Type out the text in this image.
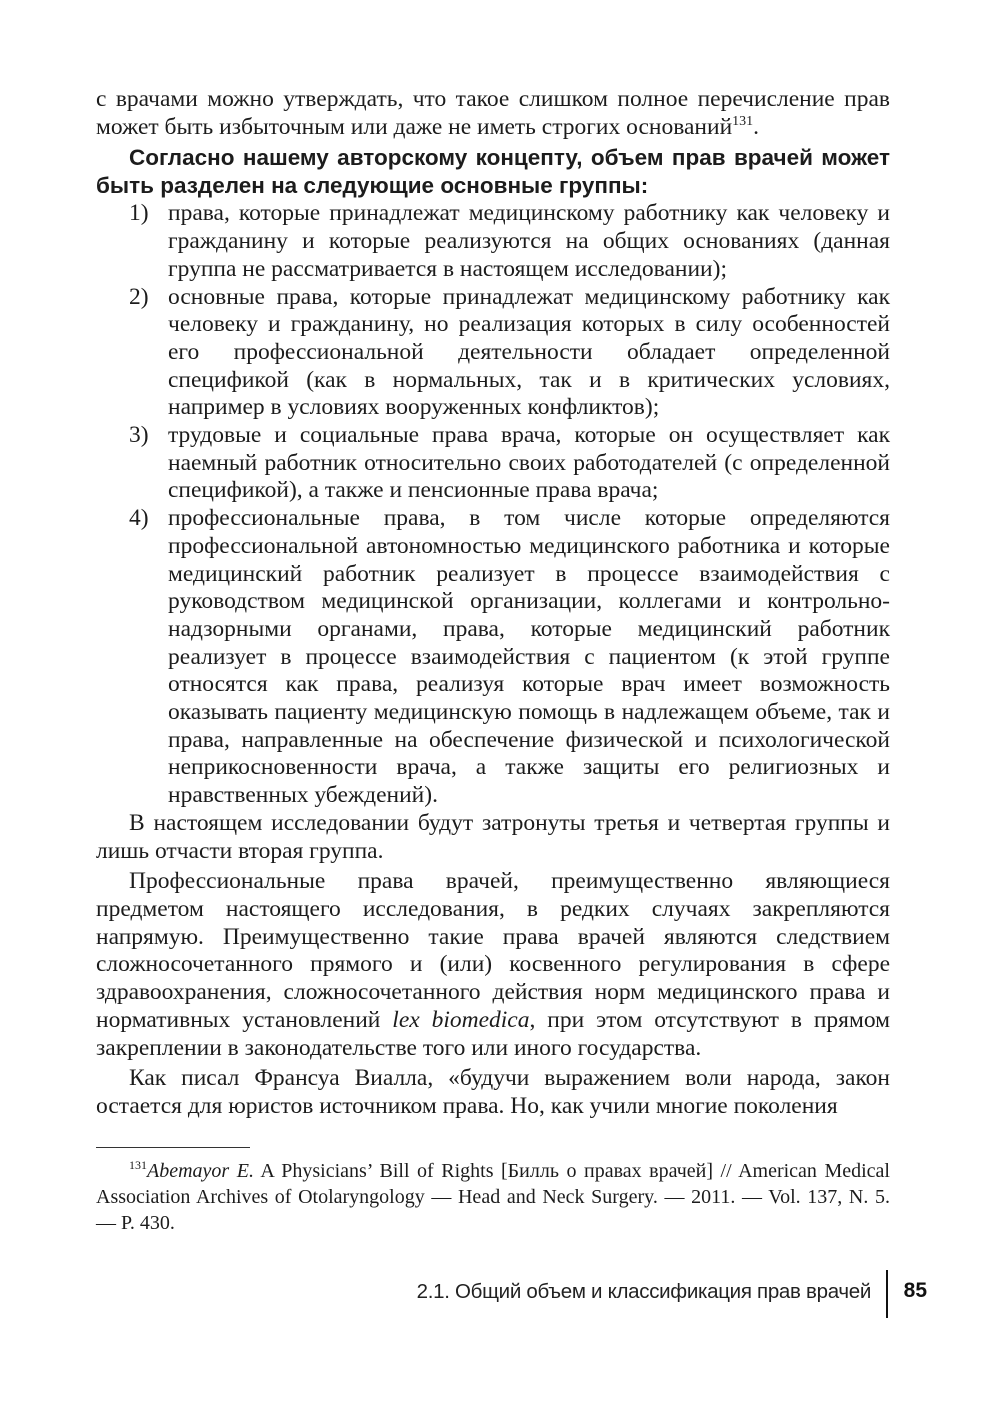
с врачами можно утверждать, что такое слишком полное перечисление прав может быть избыточным или даже не иметь строгих оснований$^{131}$.

Согласно нашему авторскому концепту, объем прав врачей может быть разделен на следующие основные группы:

1) права, которые принадлежат медицинскому работнику как человеку и гражданину и которые реализуются на общих основаниях (данная группа не рассматривается в настоящем исследовании);
2) основные права, которые принадлежат медицинскому работнику как человеку и гражданину, но реализация которых в силу особенностей его профессиональной деятельности обладает определенной спецификой (как в нормальных, так и в критических условиях, например в условиях вооруженных конфликтов);
3) трудовые и социальные права врача, которые он осуществляет как наемный работник относительно своих работодателей (с определенной спецификой), а также и пенсионные права врача;
4) профессиональные права, в том числе которые определяются профессиональной автономностью медицинского работника и которые медицинский работник реализует в процессе взаимодействия с руководством медицинской организации, коллегами и контрольно-надзорными органами, права, которые медицинский работник реализует в процессе взаимодействия с пациентом (к этой группе относятся как права, реализуя которые врач имеет возможность оказывать пациенту медицинскую помощь в надлежащем объеме, так и права, направленные на обеспечение физической и психологической неприкосновенности врача, а также защиты его религиозных и нравственных убеждений).

В настоящем исследовании будут затронуты третья и четвертая группы и лишь отчасти вторая группа.

Профессиональные права врачей, преимущественно являющиеся предметом настоящего исследования, в редких случаях закрепляются напрямую. Преимущественно такие права врачей являются следствием сложносочетанного прямого и (или) косвенного регулирования в сфере здравоохранения, сложносочетанного действия норм медицинского права и нормативных установлений lex biomedica, при этом отсутствуют в прямом закреплении в законодательстве того или иного государства.

Как писал Франсуа Виалла, «будучи выражением воли народа, закон остается для юристов источником права. Но, как учили многие поколения

$^{131}$Abemayor E. A Physicians’ Bill of Rights [Билль о правах врачей] // American Medical Association Archives of Otolaryngology — Head and Neck Surgery. — 2011. — Vol. 137, N. 5. — P. 430.

2.1. Общий объем и классификация прав врачей 85
